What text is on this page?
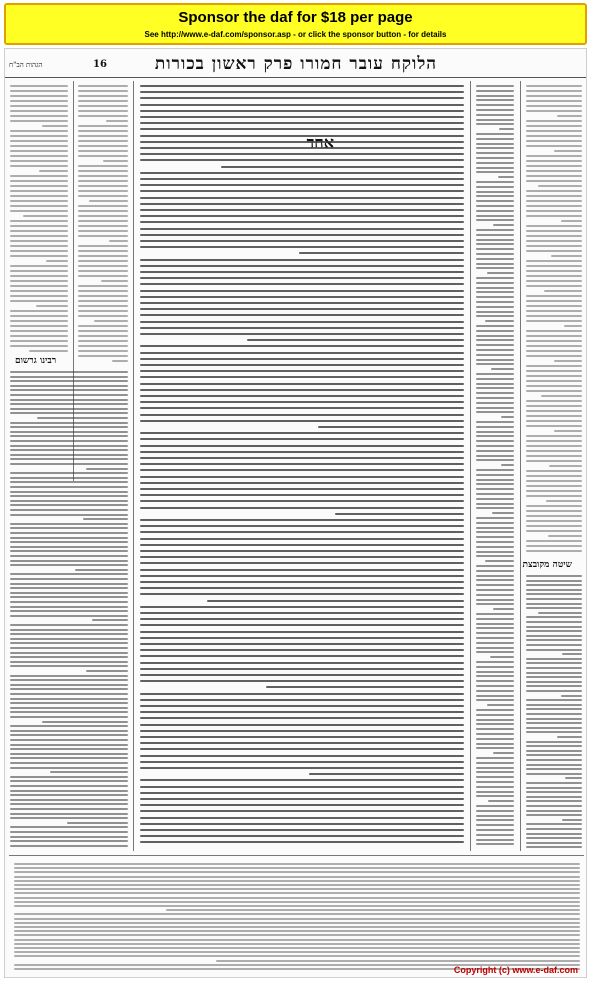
Sponsor the daf for $18 per page
See http://www.e-daf.com/sponsor.asp - or click the sponsor button - for details
הגהות הב"ח	16	הלוקח עובר חמורו פרק ראשון בכורות
רבינו גרשום
שיטה מקובצת
Copyright (c) www.e-daf.com
